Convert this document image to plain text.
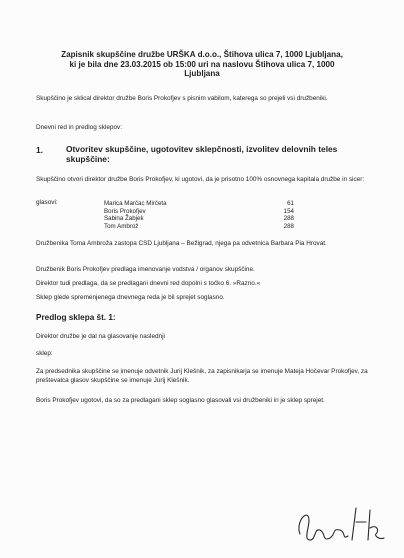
Zapisnik skupščine družbe URŠKA d.o.o., Štihova ulica 7, 1000 Ljubljana,
ki je bila dne 23.03.2015 ob 15:00 uri na naslovu Štihova ulica 7, 1000
Ljubljana
Skupščino je sklical direktor družbe Boris Prokofjev s pisnim vabilom, katerega so prejeli vsi družbeniki.
Dnevni red in predlog sklepov:
1.	Otvoritev skupščine, ugotovitev sklepčnosti, izvolitev delovnih teles skupščine:
Skupščino otvori direktor družbe Boris Prokofjev, ki ugotovi, da je prisotno 100% osnovnega kapitala družbe in sicer:
glasovi:	Marica Marčac Mirčeta	61
Boris Prokofjev	154
Sabina Žabjek	288
Tom Ambrož	288
Družbenika Toma Ambroža zastopa CSD Ljubljana – Bežigrad, njega pa odvetnica Barbara Pia Hrovat.
Družbenik Boris Prokofjev predlaga imenovanje vodstva / organov skupščine.
Direktor tudi predlaga, da se predlagani dnevni red dopolni s točko 6. »Razno.«
Sklep glede spremenjenega dnevnega reda je bil sprejet soglasno.
Predlog sklepa št. 1:
Direktor družbe je dal na glasovanje naslednji
sklep:
Za predsednika skupščine se imenuje odvetnik Jurij Klešnik, za zapisnikarja se imenuje Mateja Hočevar Prokofjev, za preštevalca glasov skupščine se imenuje Jurij Klešnik.
Boris Prokofjev ugotovi, da so za predlagani sklep soglasno glasovali vsi družbeniki in je sklep sprejet.
